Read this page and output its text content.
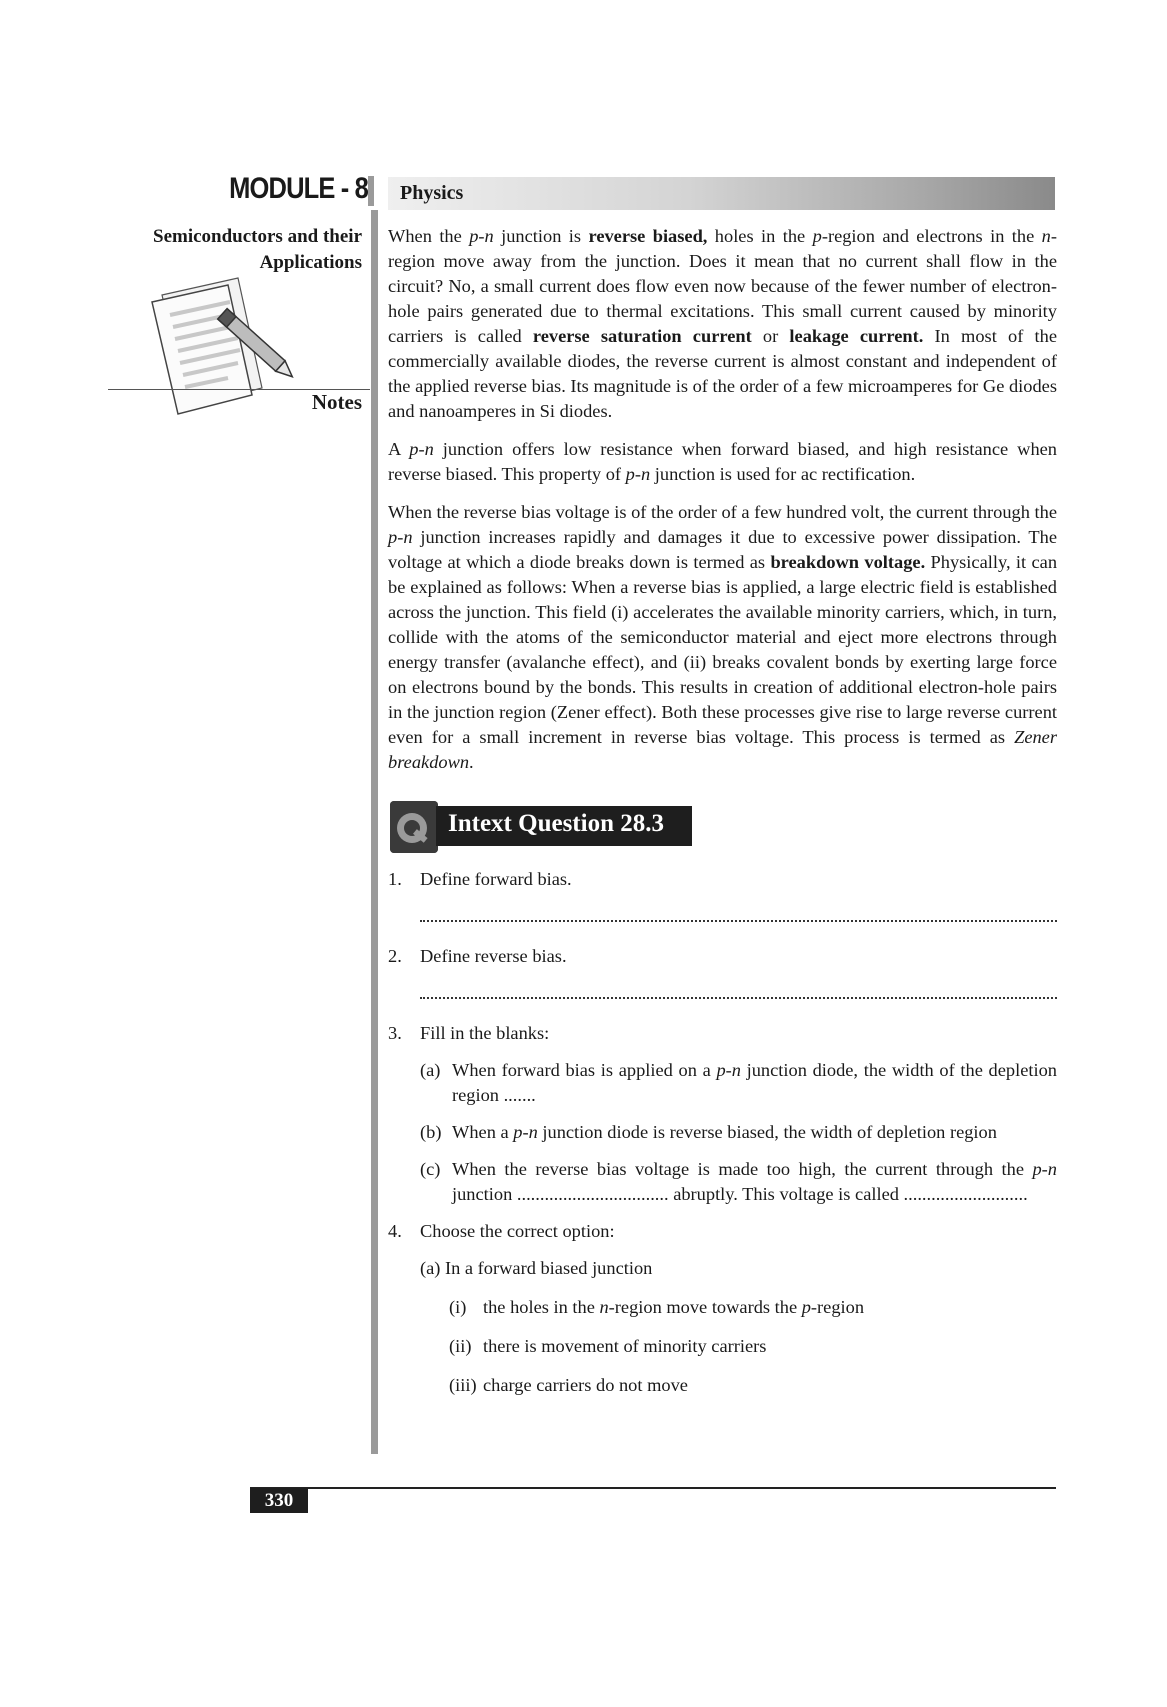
MODULE - 8
Semiconductors and their
Applications
Notes
Physics

When the p-n junction is reverse biased, holes in the p-region and electrons in the n-region move away from the junction. Does it mean that no current shall flow in the circuit? No, a small current does flow even now because of the fewer number of electron-hole pairs generated due to thermal excitations. This small current caused by minority carriers is called reverse saturation current or leakage current. In most of the commercially available diodes, the reverse current is almost constant and independent of the applied reverse bias. Its magnitude is of the order of a few microamperes for Ge diodes and nanoamperes in Si diodes.

A p-n junction offers low resistance when forward biased, and high resistance when reverse biased. This property of p-n junction is used for ac rectification.

When the reverse bias voltage is of the order of a few hundred volt, the current through the p-n junction increases rapidly and damages it due to excessive power dissipation. The voltage at which a diode breaks down is termed as breakdown voltage. Physically, it can be explained as follows: When a reverse bias is applied, a large electric field is established across the junction. This field (i) accelerates the available minority carriers, which, in turn, collide with the atoms of the semiconductor material and eject more electrons through energy transfer (avalanche effect), and (ii) breaks covalent bonds by exerting large force on electrons bound by the bonds. This results in creation of additional electron-hole pairs in the junction region (Zener effect). Both these processes give rise to large reverse current even for a small increment in reverse bias voltage. This process is termed as Zener breakdown.

Intext Question 28.3
1. Define forward bias.
2. Define reverse bias.
3. Fill in the blanks:
(a) When forward bias is applied on a p-n junction diode, the width of the depletion region .......
(b) When a p-n junction diode is reverse biased, the width of depletion region
(c) When the reverse bias voltage is made too high, the current through the p-n junction ................................. abruptly. This voltage is called ...........................
4. Choose the correct option:
(a) In a forward biased junction
(i) the holes in the n-region move towards the p-region
(ii) there is movement of minority carriers
(iii) charge carriers do not move
330
